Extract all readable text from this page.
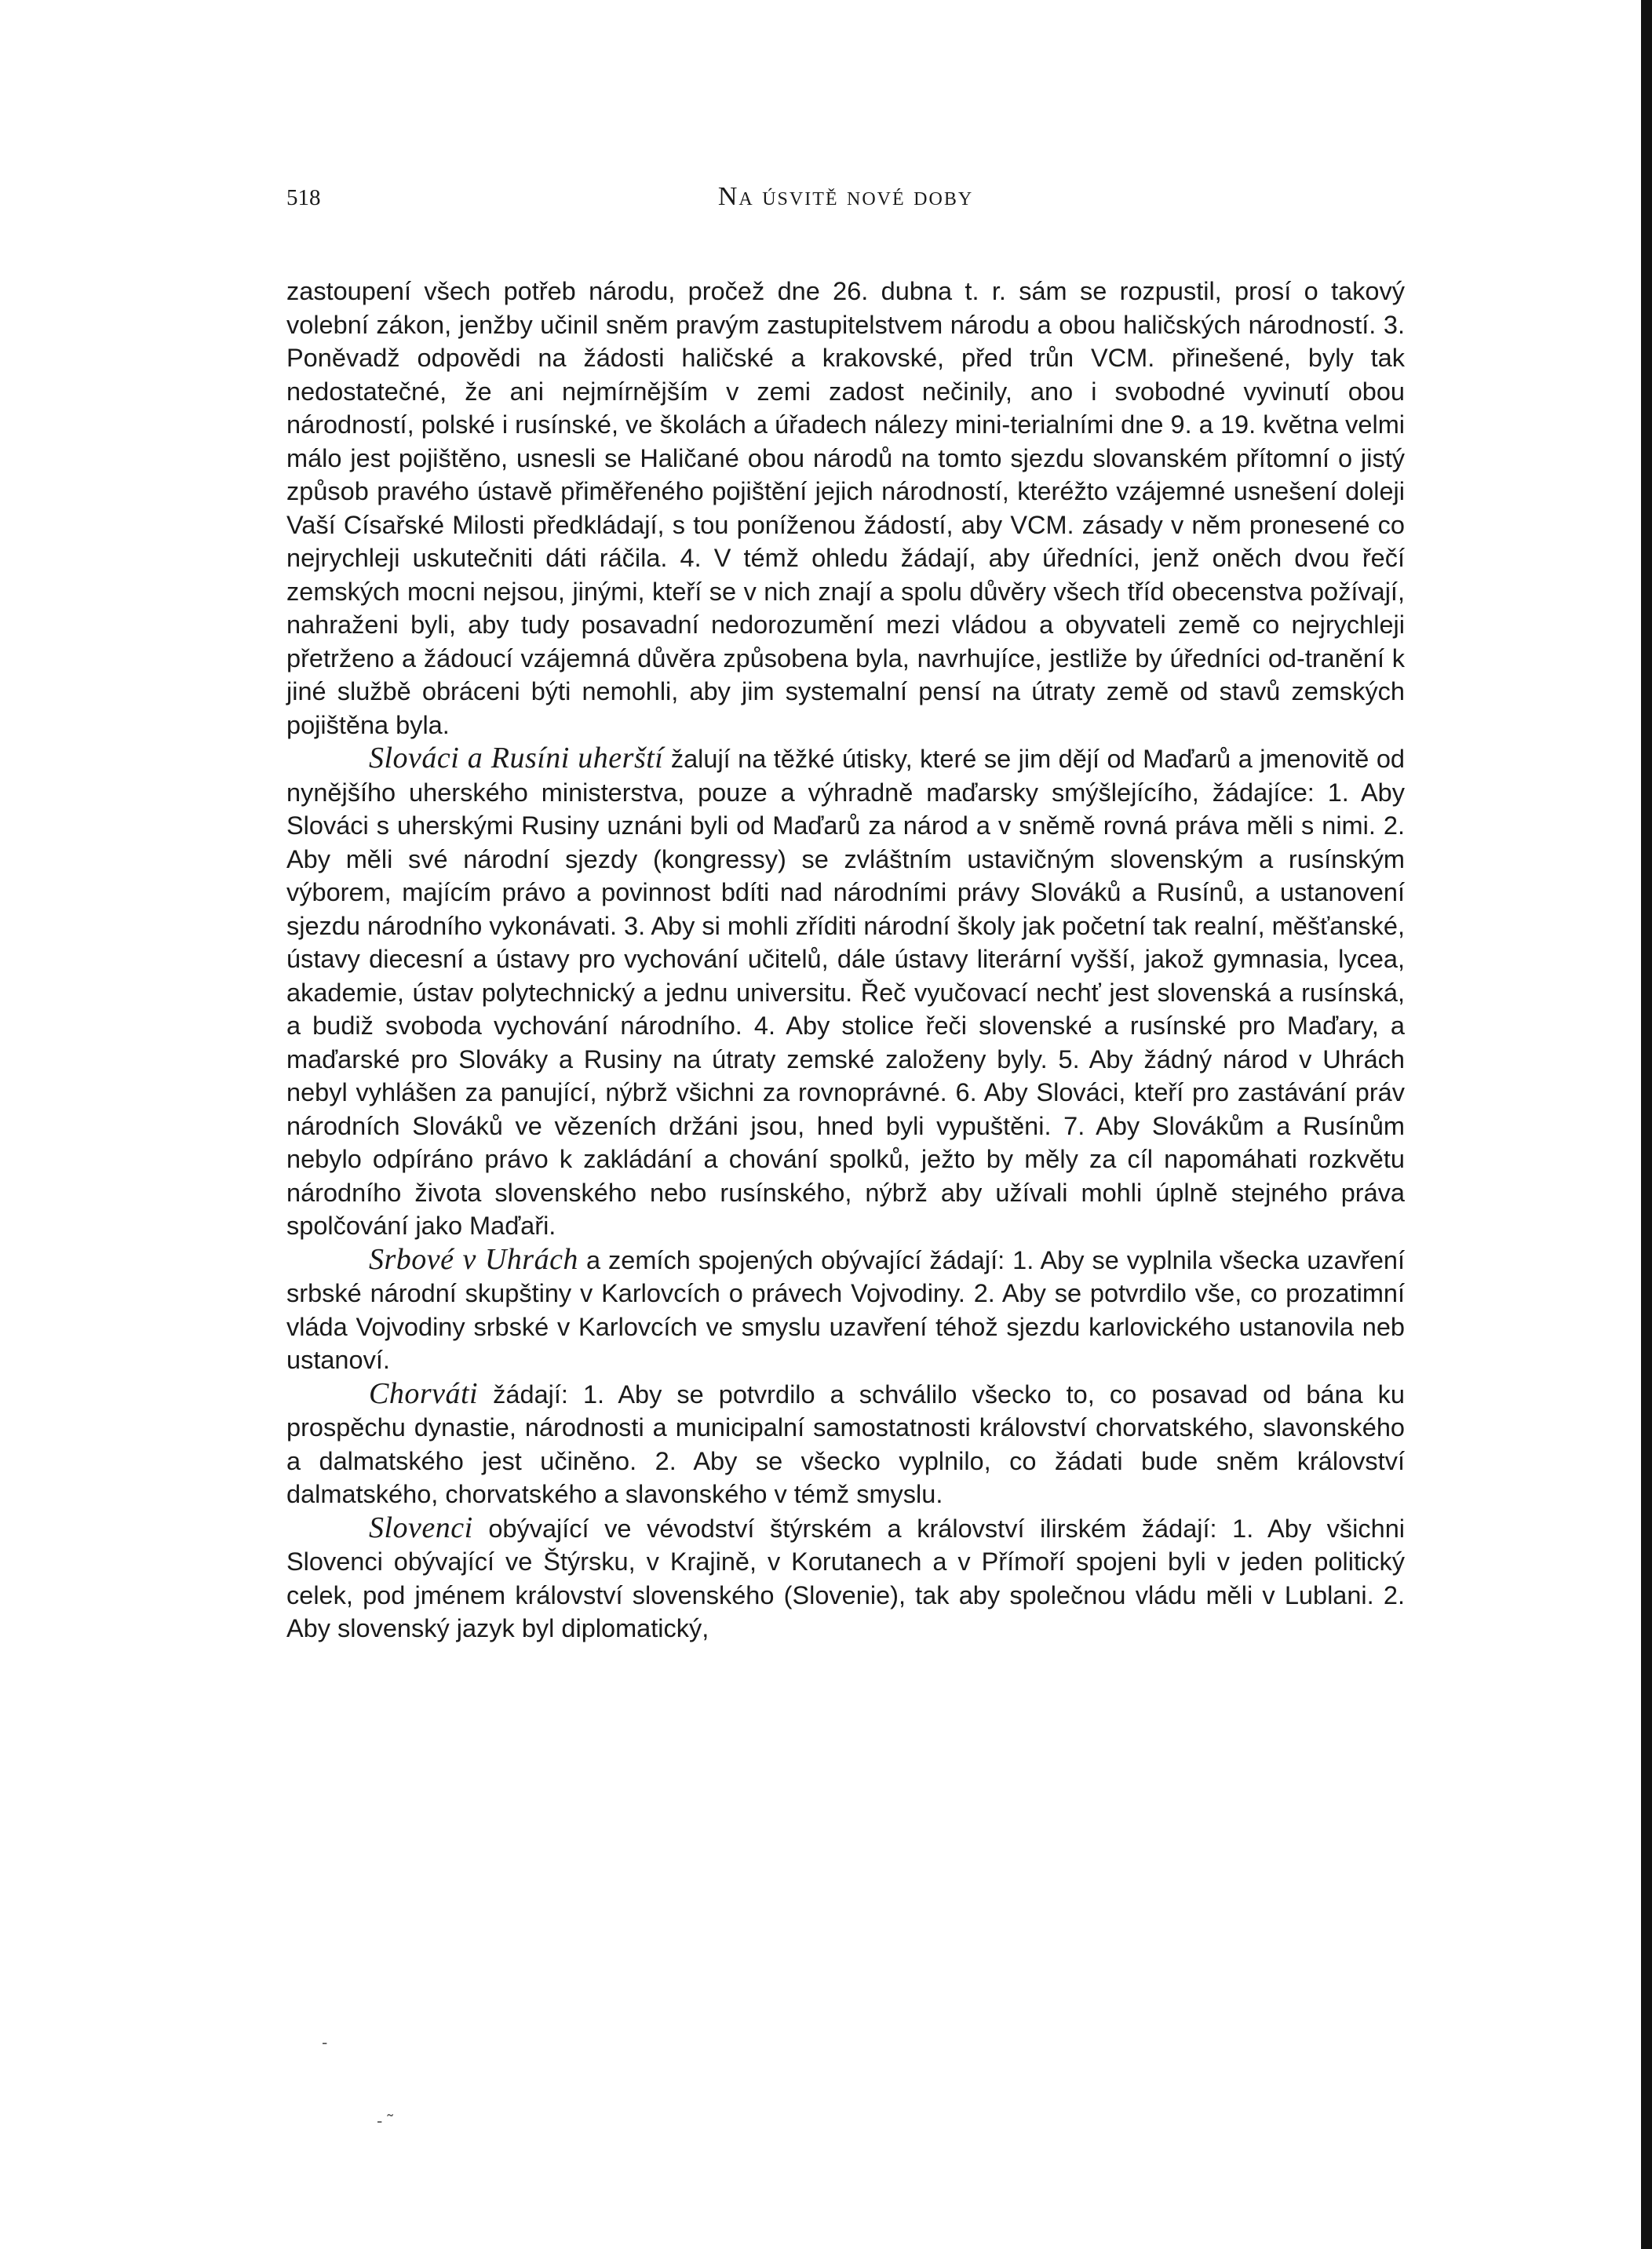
518	Na úsvitě nové doby

zastoupení všech potřeb národu, pročež dne 26. dubna t. r. sám se rozpustil, prosí o takový volební zákon, jenžby učinil sněm pravým zastupitelstvem národu a obou haličských národností. 3. Poněvadž odpovědi na žádosti haličské a krakovské, před trůn VCM. přinešené, byly tak nedostatečné, že ani nejmírnějším v zemi zadost nečinily, ano i svobodné vyvinutí obou národností, polské i rusínské, ve školách a úřadech nálezy mini-terialními dne 9. a 19. května velmi málo jest pojištěno, usnesli se Haličané obou národů na tomto sjezdu slovanském přítomní o jistý způsob pravého ústavě přiměřeného pojištění jejich národností, kteréžto vzájemné usnešení doleji Vaší Císařské Milosti předkládají, s tou poníženou žádostí, aby VCM. zásady v něm pronesené co nejrychleji uskutečniti dáti ráčila. 4. V témž ohledu žádají, aby úředníci, jenž oněch dvou řečí zemských mocni nejsou, jinými, kteří se v nich znají a spolu důvěry všech tříd obecenstva požívají, nahraženi byli, aby tudy posavadní nedorozumění mezi vládou a obyvateli země co nejrychleji přetrženo a žádoucí vzájemná důvěra způsobena byla, navrhujíce, jestliže by úředníci od-tranění k jiné službě obráceni býti nemohli, aby jim systemalní pensí na útraty země od stavů zemských pojištěna byla.

Slováci a Rusíni uherští žalují na těžké útisky, které se jim dějí od Maďarů a jmenovitě od nynějšího uherského ministerstva, pouze a výhradně maďarsky smýšlejícího, žádajíce: 1. Aby Slováci s uherskými Rusiny uznáni byli od Maďarů za národ a v sněmě rovná práva měli s nimi. 2. Aby měli své národní sjezdy (kongressy) se zvláštním ustavičným slovenským a rusínským výborem, majícím právo a povinnost bdíti nad národními právy Slováků a Rusínů, a ustanovení sjezdu národního vykonávati. 3. Aby si mohli zříditi národní školy jak početní tak realní, měšťanské, ústavy diecesní a ústavy pro vychování učitelů, dále ústavy literární vyšší, jakož gymnasia, lycea, akademie, ústav polytechnický a jednu universitu. Řeč vyučovací nechť jest slovenská a rusínská, a budiž svoboda vychování národního. 4. Aby stolice řeči slovenské a rusínské pro Maďary, a maďarské pro Slováky a Rusiny na útraty zemské založeny byly. 5. Aby žádný národ v Uhrách nebyl vyhlášen za panující, nýbrž všichni za rovnoprávné. 6. Aby Slováci, kteří pro zastávání práv národních Slováků ve vězeních držáni jsou, hned byli vypuštěni. 7. Aby Slovákům a Rusínům nebylo odpíráno právo k zakládání a chování spolků, ježto by měly za cíl napomáhati rozkvětu národního života slovenského nebo rusínského, nýbrž aby užívali mohli úplně stejného práva spolčování jako Maďaři.

Srbové v Uhrách a zemích spojených obývající žádají: 1. Aby se vyplnila všecka uzavření srbské národní skupštiny v Karlovcích o právech Vojvodiny. 2. Aby se potvrdilo vše, co prozatimní vláda Vojvodiny srbské v Karlovcích ve smyslu uzavření téhož sjezdu karlovického ustanovila neb ustanoví.

Chorváti žádají: 1. Aby se potvrdilo a schválilo všecko to, co posavad od bána ku prospěchu dynastie, národnosti a municipalní samostatnosti království chorvatského, slavonského a dalmatského jest učiněno. 2. Aby se všecko vyplnilo, co žádati bude sněm království dalmatského, chorvatského a slavonského v témž smyslu.

Slovenci obývající ve vévodství štýrském a království ilirském žádají: 1. Aby všichni Slovenci obývající ve Štýrsku, v Krajině, v Korutanech a v Přímoří spojeni byli v jeden politický celek, pod jménem království slovenského (Slovenie), tak aby společnou vládu měli v Lublani. 2. Aby slovenský jazyk byl diplomatický,

-
- ˜
